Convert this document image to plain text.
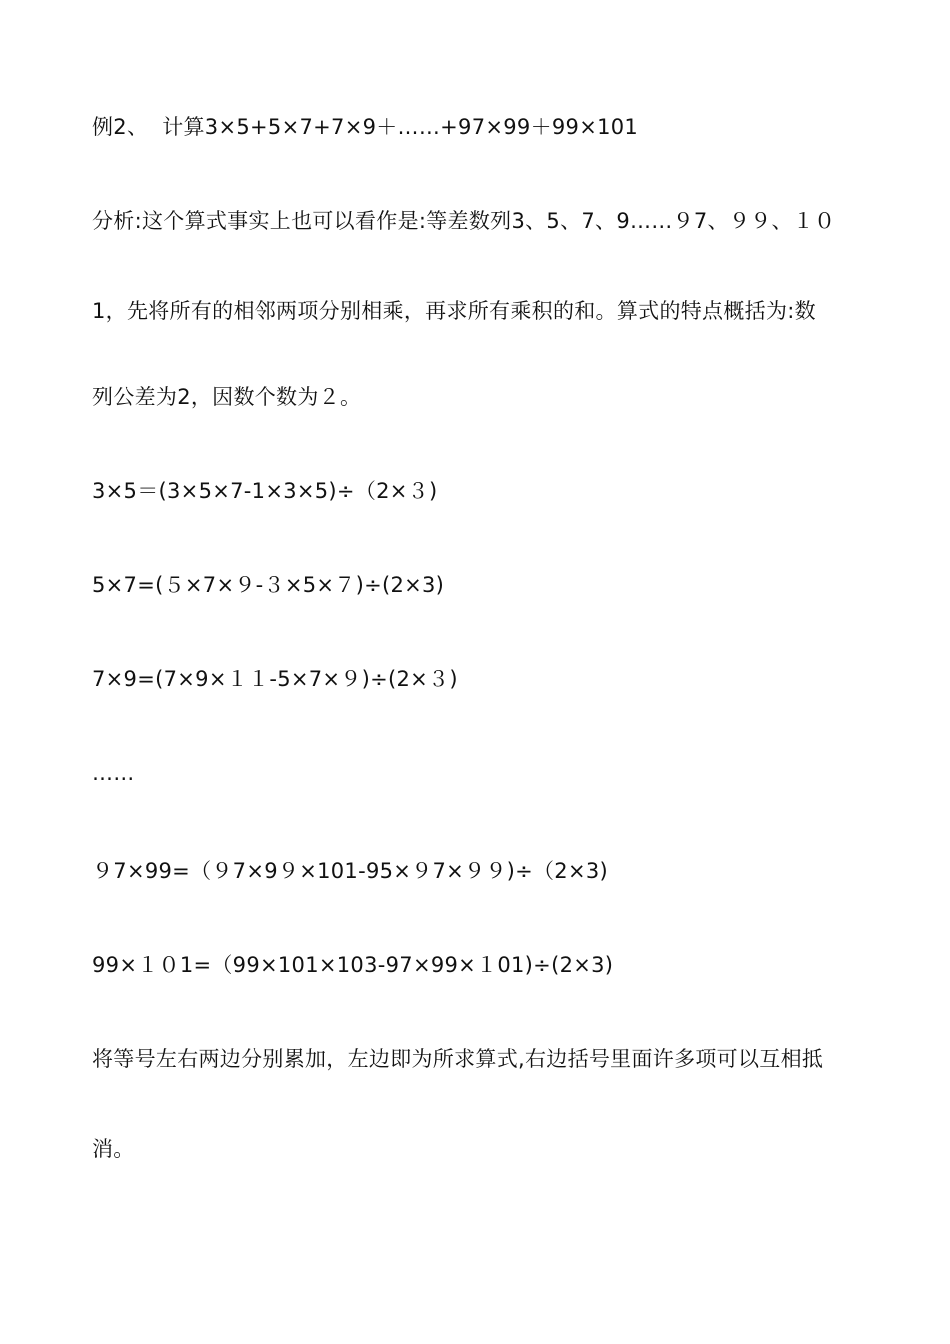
例2、  计算3×5+5×7+7×9＋……+97×99＋99×101
分析:这个算式事实上也可以看作是:等差数列3、5、7、9……９7、９９、１０
1，先将所有的相邻两项分别相乘，再求所有乘积的和。算式的特点概括为:数
列公差为2，因数个数为２。
3×5＝(3×5×7-1×3×5)÷（2×３)
5×7=(５×7×９-３×5×７)÷(2×3)
7×9=(7×9×１１-5×7×９)÷(2×３)
……
９7×99=（９7×9９×101-95×９7×９９)÷（2×3)
99×１０1=（99×101×103-97×99×１01)÷(2×3)
将等号左右两边分别累加，左边即为所求算式,右边括号里面许多项可以互相抵
消。
